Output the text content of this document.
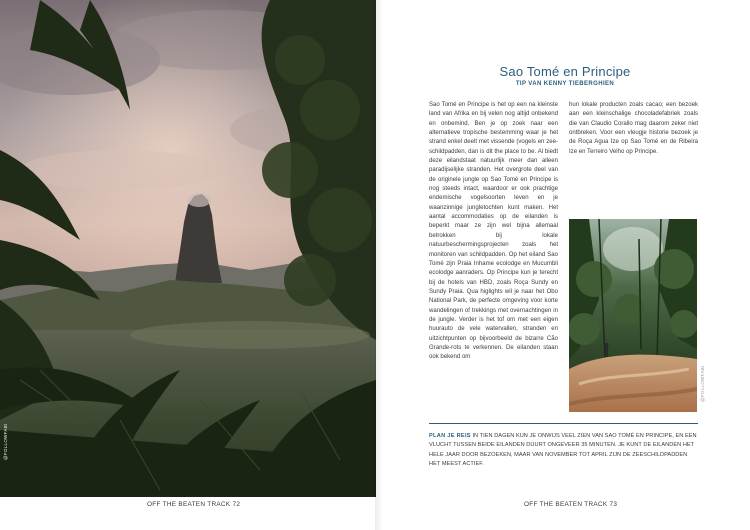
@FOLLOWFABI
Sao Tomé en Principe
TIP VAN KENNY TIEBERGHIEN
Sao Tomé en Principe is het op een na kleinste land van Afrika en bij velen nog altijd onbekend en onbemind. Ben je op zoek naar een alternatieve tropische bestemming waar je het strand enkel deelt met vissende (vogels en zee-schildpadden, dan is dit the place to be. Al biedt deze eilandstaat natuurlijk meer dan alleen paradijselijke stranden. Het overgrote deel van de originele jungle op Sao Tomé en Principe is nog steeds intact, waardoor er ook prachtige endemische vogelsoorten leven en je waanzinnige jungletochten kunt maken. Het aantal accommodaties op de eilanden is beperkt maar ze zijn wel bijna allemaal betrokken bij lokale natuurbeschermingsprojecten zoals het monitoren van schildpadden. Op het eiland Sao Tomé zijn Praia Inhame ecolodge en Mucumbli ecolodge aanraders. Op Principe kun je terecht bij de hotels van HBD, zoals Roça Sundy en Sundy Praia. Qua higlights wil je naar het Obo National Park, de perfecte omgeving voor korte wandelingen of trekkings met overnachtingen in de jungle. Verder is het tof om met een eigen huurauto de vele watervallen, stranden en uitzichtpunten op bijvoorbeeld de bizarre Cão Grande-rots te verkennen. De eilanden staan ook bekend om
hun lokale producten zoals cacao; een bezoek aan een kleinschalige chocoladefabriek zoals die van Claudio Corallo mag daarom zeker niet ontbreken. Voor een vleugje historie bezoek je de Roça Agua Ize op Sao Tomé en de Ribeira Ize en Terreiro Velho op Principe.
@FOLLOWFABI
PLAN JE REIS IN TIEN DAGEN KUN JE ONWIJS VEEL ZIEN VAN SAO TOMÉ EN PRINCIPE, EN EEN VLUCHT TUSSEN BEIDE EILANDEN DUURT ONGEVEER 35 MINUTEN. JE KUNT DE EILANDEN HET HELE JAAR DOOR BEZOEKEN, MAAR VAN NOVEMBER TOT APRIL ZIJN DE ZEESCHILDPADDEN HET MEEST ACTIEF.
OFF THE BEATEN TRACK 72	OFF THE BEATEN TRACK 73
